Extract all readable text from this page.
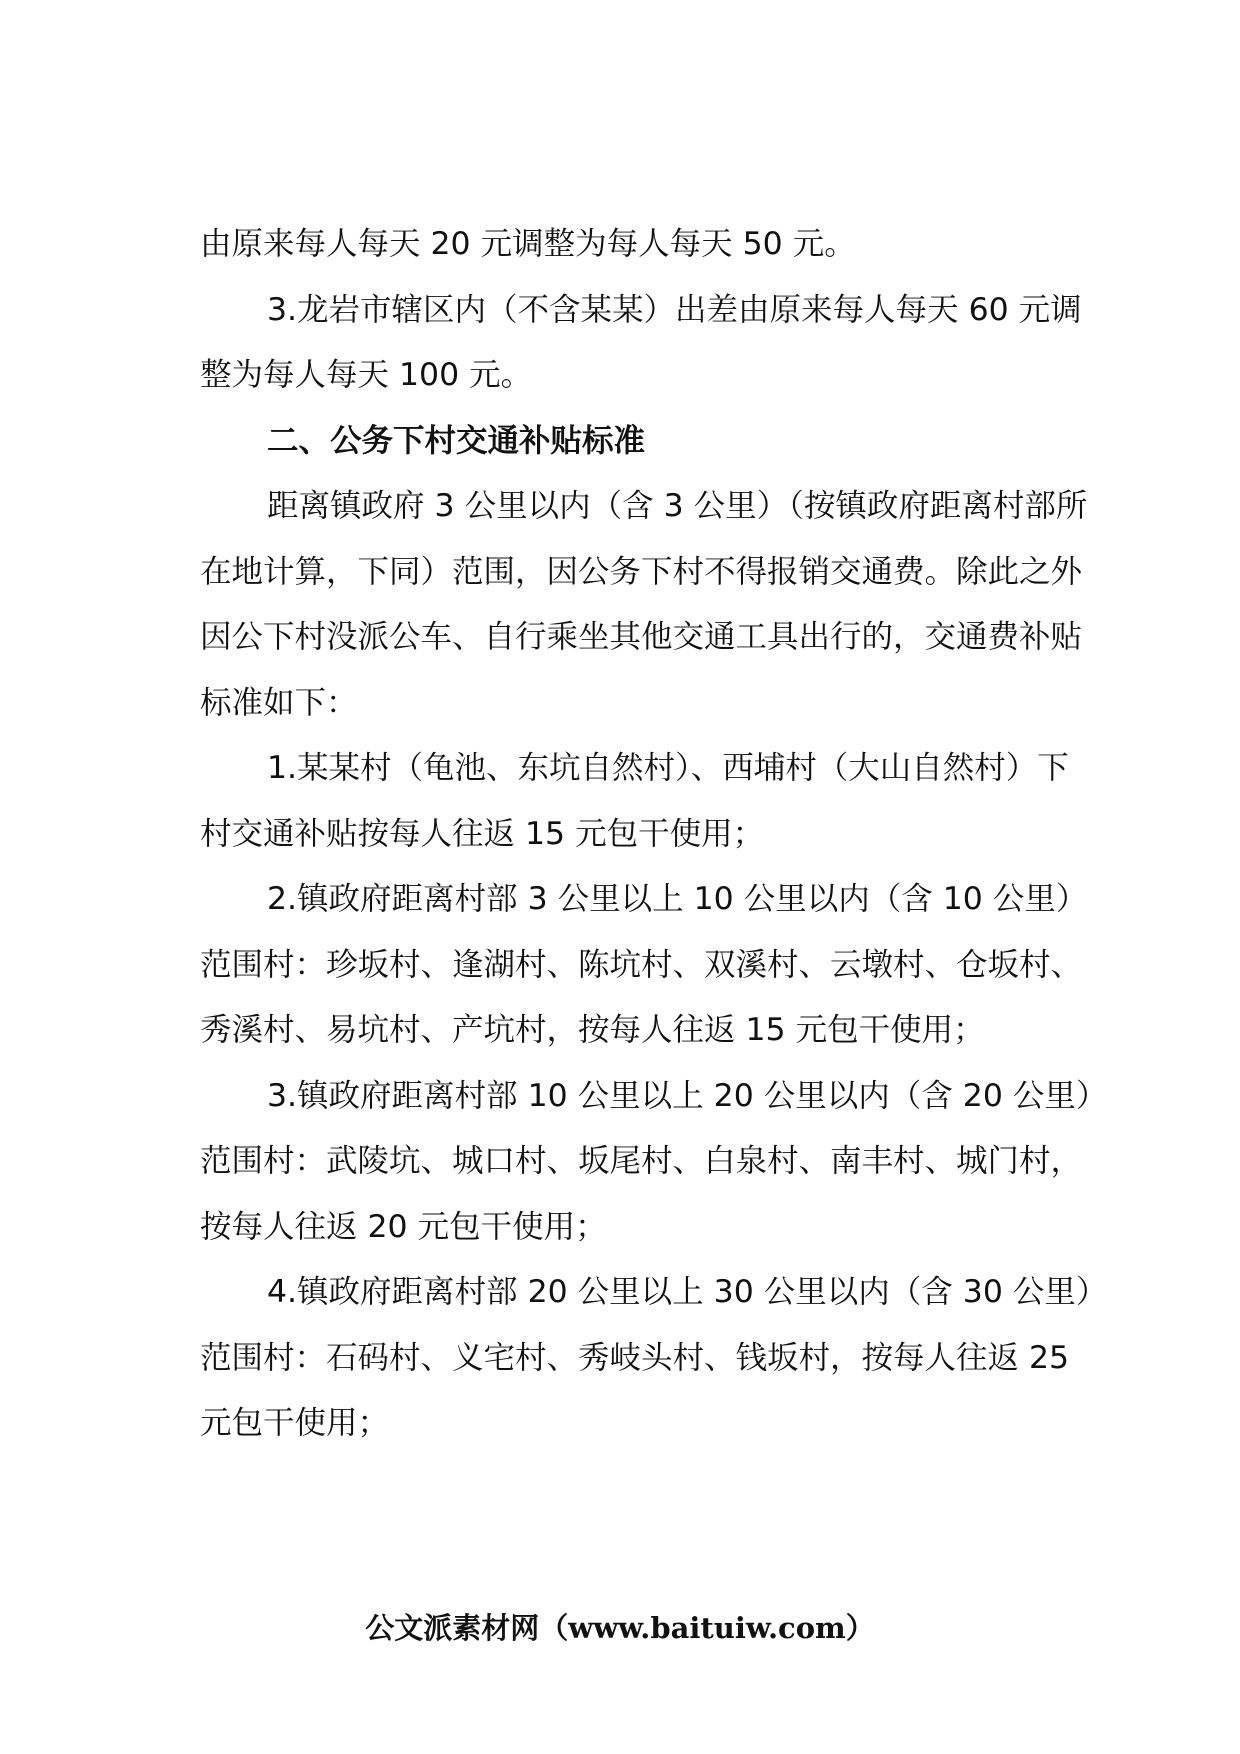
由原来每人每天 20 元调整为每人每天 50 元。

3.龙岩市辖区内（不含某某）出差由原来每人每天 60 元调整为每人每天 100 元。

二、公务下村交通补贴标准

距离镇政府 3 公里以内（含 3 公里）（按镇政府距离村部所在地计算，下同）范围，因公务下村不得报销交通费。除此之外因公下村没派公车、自行乘坐其他交通工具出行的，交通费补贴标准如下：

1.某某村（龟池、东坑自然村）、西埔村（大山自然村）下村交通补贴按每人往返 15 元包干使用；

2.镇政府距离村部 3 公里以上 10 公里以内（含 10 公里）范围村：珍坂村、逢湖村、陈坑村、双溪村、云墩村、仓坂村、秀溪村、易坑村、产坑村，按每人往返 15 元包干使用；

3.镇政府距离村部 10 公里以上 20 公里以内（含 20 公里）范围村：武陵坑、城口村、坂尾村、白泉村、南丰村、城门村，按每人往返 20 元包干使用；

4.镇政府距离村部 20 公里以上 30 公里以内（含 30 公里）范围村：石码村、义宅村、秀岐头村、钱坂村，按每人往返 25 元包干使用；

公文派素材网（www.baituiw.com）
